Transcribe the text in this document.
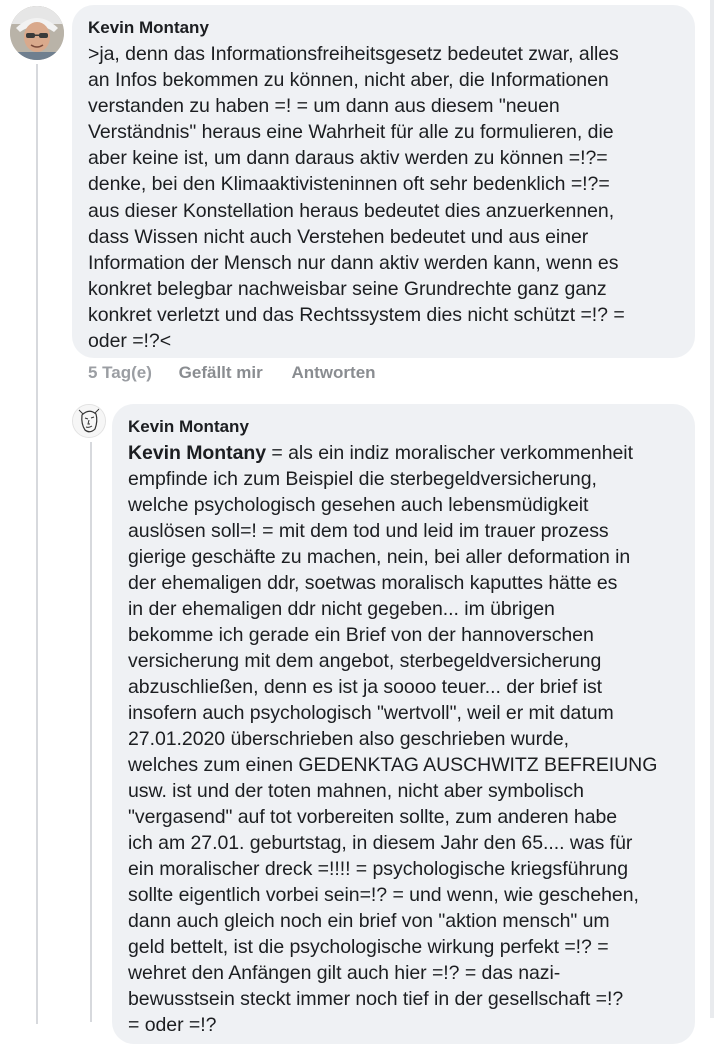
Kevin Montany
>ja, denn das Informationsfreiheitsgesetz bedeutet zwar, alles
an Infos bekommen zu können, nicht aber, die Informationen
verstanden zu haben =! = um dann aus diesem "neuen
Verständnis" heraus eine Wahrheit für alle zu formulieren, die
aber keine ist, um dann daraus aktiv werden zu können =!?=
denke, bei den Klimaaktivisteninnen oft sehr bedenklich =!?=
aus dieser Konstellation heraus bedeutet dies anzuerkennen,
dass Wissen nicht auch Verstehen bedeutet und aus einer
Information der Mensch nur dann aktiv werden kann, wenn es
konkret belegbar nachweisbar seine Grundrechte ganz ganz
konkret verletzt und das Rechtssystem dies nicht schützt =!? =
oder =!?<
5 Tag(e) Gefällt mir Antworten
Kevin Montany
Kevin Montany = als ein indiz moralischer verkommenheit
empfinde ich zum Beispiel die sterbegeldversicherung,
welche psychologisch gesehen auch lebensmüdigkeit
auslösen soll=! = mit dem tod und leid im trauer prozess
gierige geschäfte zu machen, nein, bei aller deformation in
der ehemaligen ddr, soetwas moralisch kaputtes hätte es
in der ehemaligen ddr nicht gegeben... im übrigen
bekomme ich gerade ein Brief von der hannoverschen
versicherung mit dem angebot, sterbegeldversicherung
abzuschließen, denn es ist ja soooo teuer... der brief ist
insofern auch psychologisch "wertvoll", weil er mit datum
27.01.2020 überschrieben also geschrieben wurde,
welches zum einen GEDENKTAG AUSCHWITZ BEFREIUNG
usw. ist und der toten mahnen, nicht aber symbolisch
"vergasend" auf tot vorbereiten sollte, zum anderen habe
ich am 27.01. geburtstag, in diesem Jahr den 65.... was für
ein moralischer dreck =!!!! = psychologische kriegsführung
sollte eigentlich vorbei sein=!? = und wenn, wie geschehen,
dann auch gleich noch ein brief von "aktion mensch" um
geld bettelt, ist die psychologische wirkung perfekt =!? =
wehret den Anfängen gilt auch hier =!? = das nazi-
bewusstsein steckt immer noch tief in der gesellschaft =!?
= oder =!?
